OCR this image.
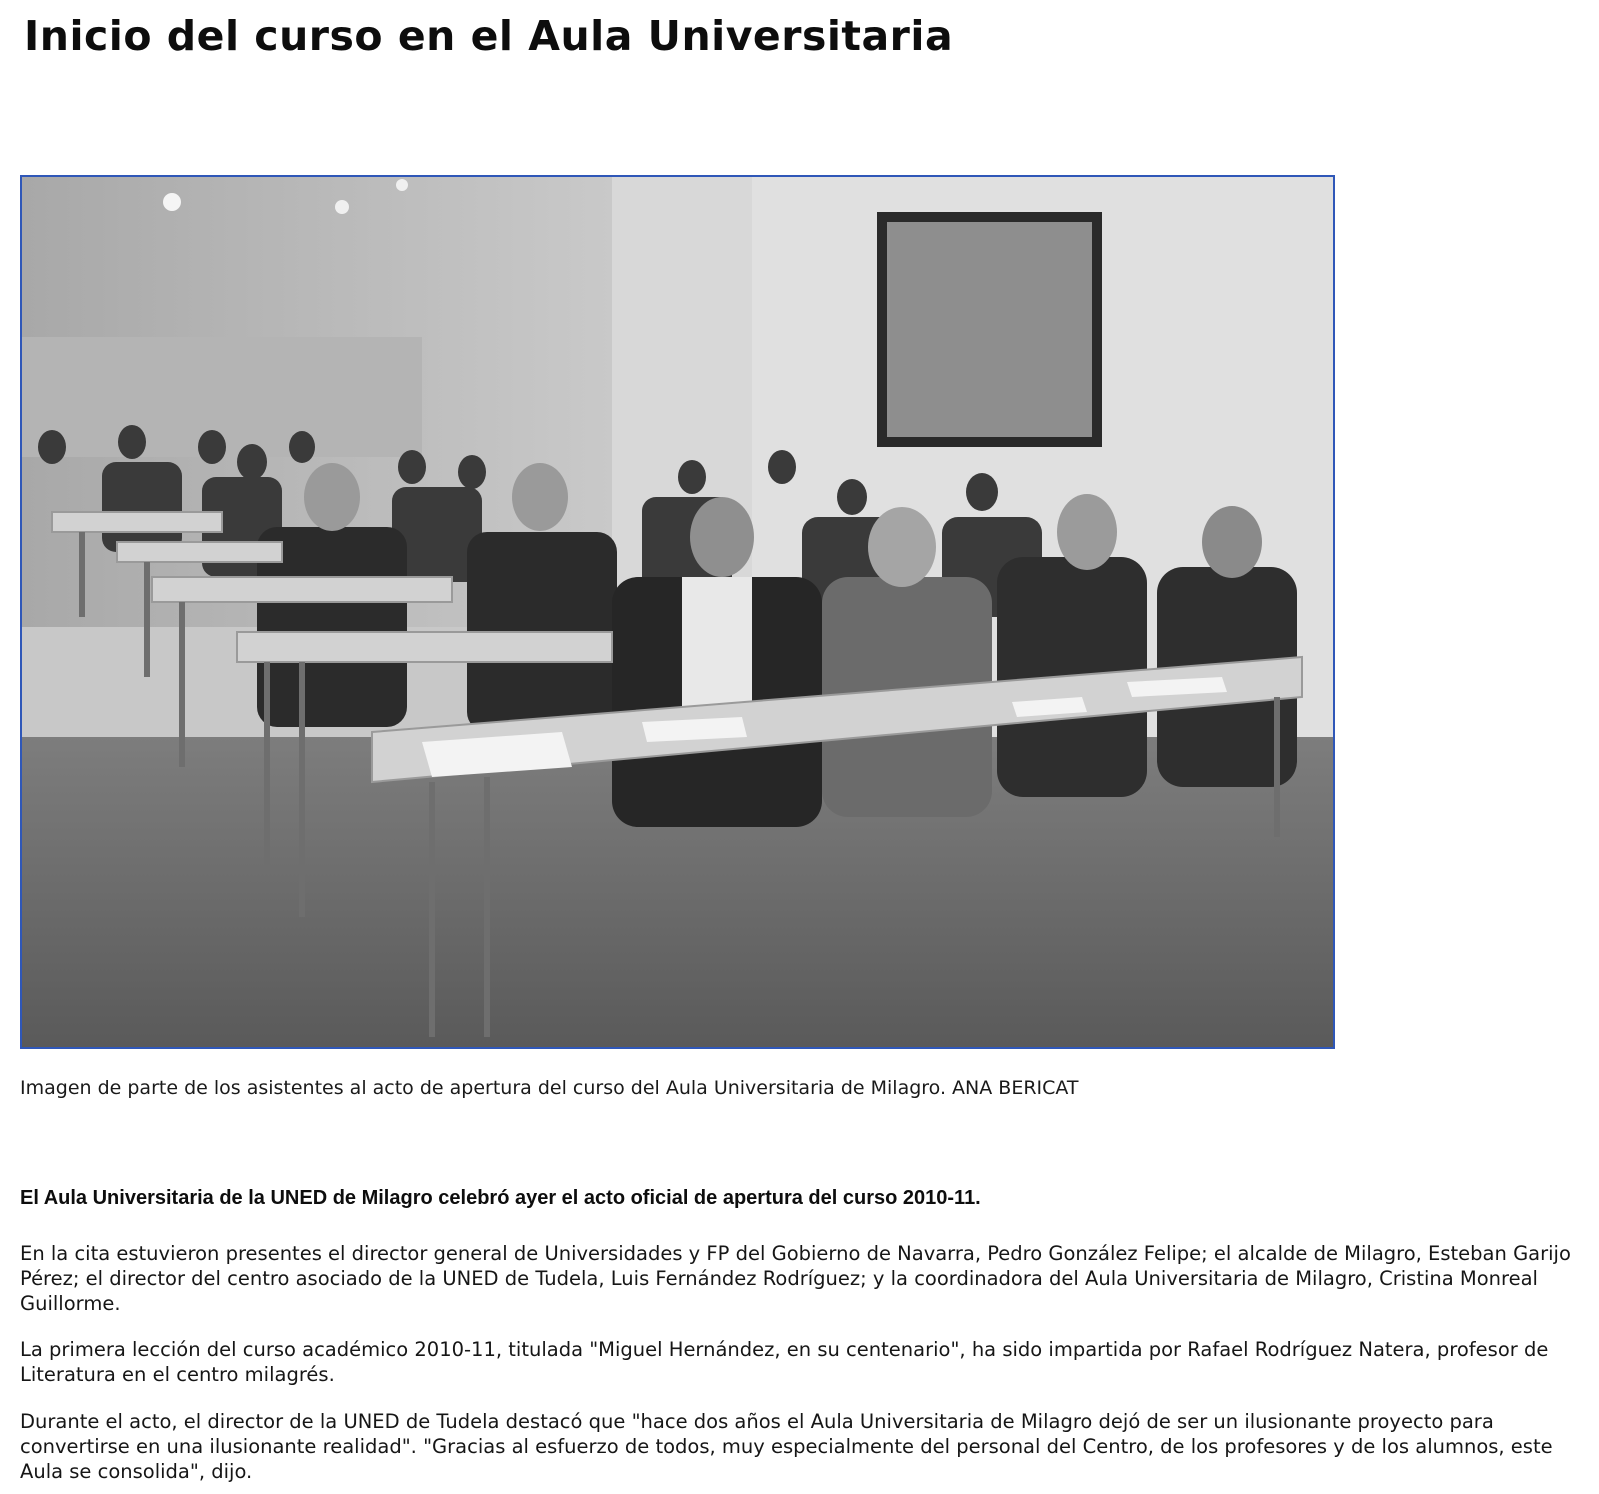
Inicio del curso en el Aula Universitaria

Imagen de parte de los asistentes al acto de apertura del curso del Aula Universitaria de Milagro. ANA BERICAT

El Aula Universitaria de la UNED de Milagro celebró ayer el acto oficial de apertura del curso 2010-11.

En la cita estuvieron presentes el director general de Universidades y FP del Gobierno de Navarra, Pedro González Felipe; el alcalde de Milagro, Esteban Garijo Pérez; el director del centro asociado de la UNED de Tudela, Luis Fernández Rodríguez; y la coordinadora del Aula Universitaria de Milagro, Cristina Monreal Guillorme.

La primera lección del curso académico 2010-11, titulada "Miguel Hernández, en su centenario", ha sido impartida por Rafael Rodríguez Natera, profesor de Literatura en el centro milagrés.

Durante el acto, el director de la UNED de Tudela destacó que "hace dos años el Aula Universitaria de Milagro dejó de ser un ilusionante proyecto para convertirse en una ilusionante realidad". "Gracias al esfuerzo de todos, muy especialmente del personal del Centro, de los profesores y de los alumnos, este Aula se consolida", dijo.
